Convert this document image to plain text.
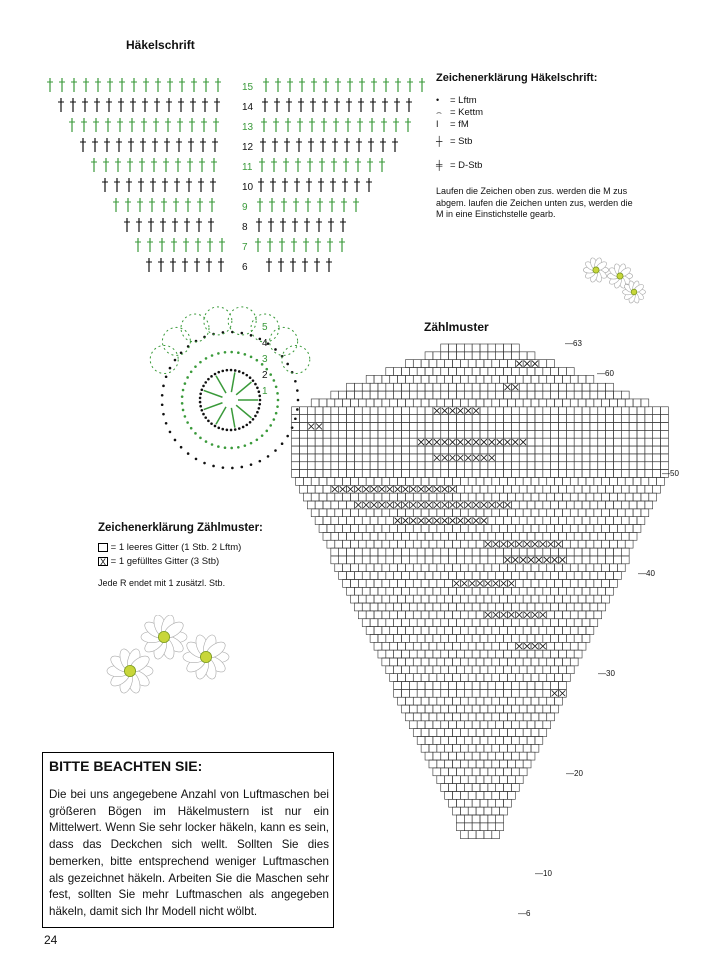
Häkelschrift
15
14
13
12
11
10
9
8
7
6
5
4
3
2
1
Zeichenerklärung Häkelschrift:
• = Lftm
⌢ = Kettm
I = fM
┼ = Stb
╪ = D-Stb
Laufen die Zeichen oben zus. werden die M zus abgem. laufen die Zeichen unten zus, werden die M in eine Einstichstelle gearb.
Zählmuster
—63
—60
—50
—40
—30
—20
—10
—6
Zeichenerklärung Zählmuster:
= 1 leeres Gitter (1 Stb. 2 Lftm)
X = 1 gefülltes Gitter (3 Stb)
Jede R endet mit 1 zusätzl. Stb.
BITTE BEACHTEN SIE:
Die bei uns angegebene Anzahl von Luftmaschen bei größeren Bögen im Häkelmustern ist nur ein Mittelwert. Wenn Sie sehr locker häkeln, kann es sein, dass das Deckchen sich wellt. Sollten Sie dies bemerken, bitte entsprechend weniger Luftmaschen als gezeichnet häkeln. Arbeiten Sie die Maschen sehr fest, sollten Sie mehr Luftmaschen als angegeben häkeln, damit sich Ihr Modell nicht wölbt.
24
